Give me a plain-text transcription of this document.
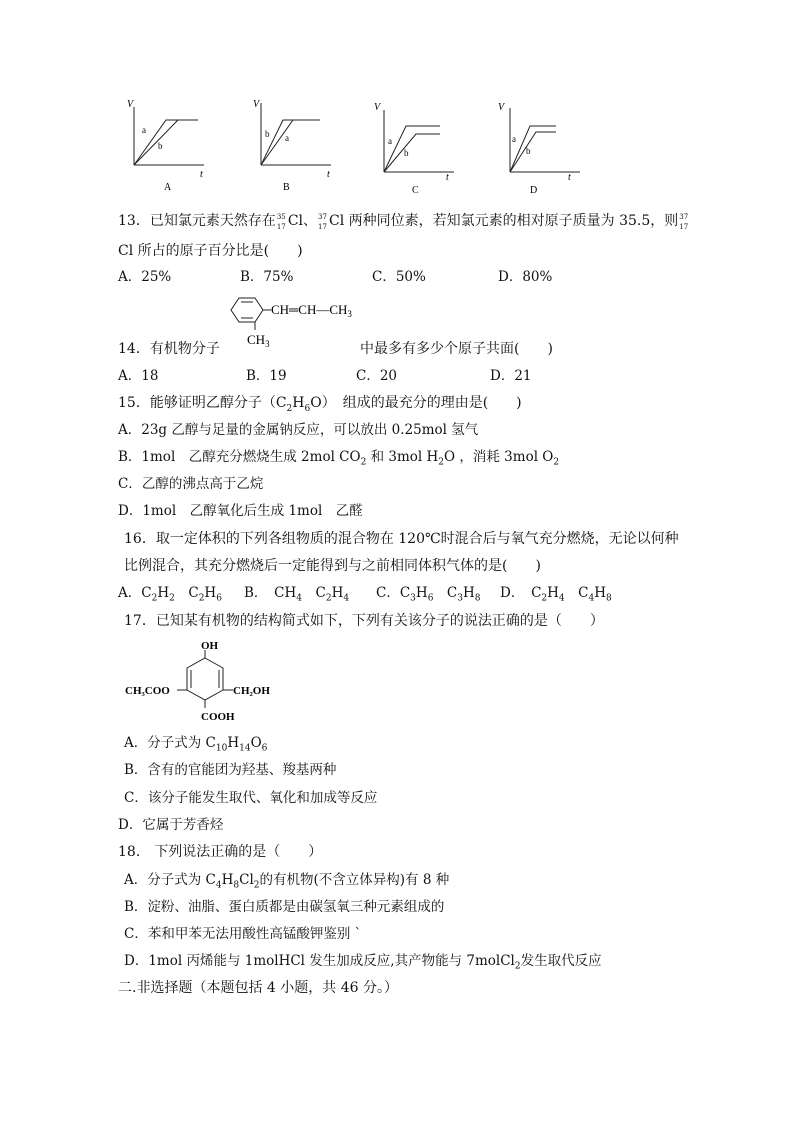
V
t
a
b
A
V
t
b a
B
V
t
a
b
C
V
t
a
b
D
13．已知氯元素天然存在 35
17 Cl、 37
17 Cl 两种同位素，若知氯元素的相对原子质量为 35.5，则 37
17
Cl 所占的原子百分比是(　　)
A．25%	B．75%	C．50%	D．80%
$CH═CH—CH_3$
$CH_3$
14．有机物分子	中最多有多少个原子共面(　　)
A．18	B．19	C．20	D．21
15．能够证明乙醇分子$(C_2H_6O)$　组成的最充分的理由是(　　)
A．23g 乙醇与足量的金属钠反应，可以放出 0.25mol 氢气
B．1mol　乙醇充分燃烧生成 2mol $CO_2$ 和 3mol $H_2O$ ，消耗 3mol $O_2$
C．乙醇的沸点高于乙烷
D．1mol　乙醇氧化后生成 1mol　乙醛
16．取一定体积的下列各组物质的混合物在 120℃时混合后与氧气充分燃烧，无论以何种
比例混合，其充分燃烧后一定能得到与之前相同体积气体的是(　　)
A．$C_2H_2$　$C_2H_6$ B．　$CH_4$　$C_2H_4$ C．$C_3H_6$　$C_3H_8$ D．　$C_2H_4$　$C_4H_8$
17．已知某有机物的结构简式如下，下列有关该分子的说法正确的是（　　）
OH
CH₃COO	CH₂OH
COOH
A．分子式为 $C_{10}H_{14}O_6$
B．含有的官能团为羟基、羧基两种
C．该分子能发生取代、氧化和加成等反应
D．它属于芳香烃
18.　下列说法正确的是（　　）
A．分子式为 $C_4H_8Cl_2$的有机物(不含立体异构)有 8 种
B．淀粉、油脂、蛋白质都是由碳氢氧三种元素组成的
C．苯和甲苯无法用酸性高锰酸钾鉴别 `
D．1mol 丙烯能与 1molHCl 发生加成反应,其产物能与 7molCl$_2$发生取代反应
二.非选择题（本题包括 4 小题，共 46 分。）
